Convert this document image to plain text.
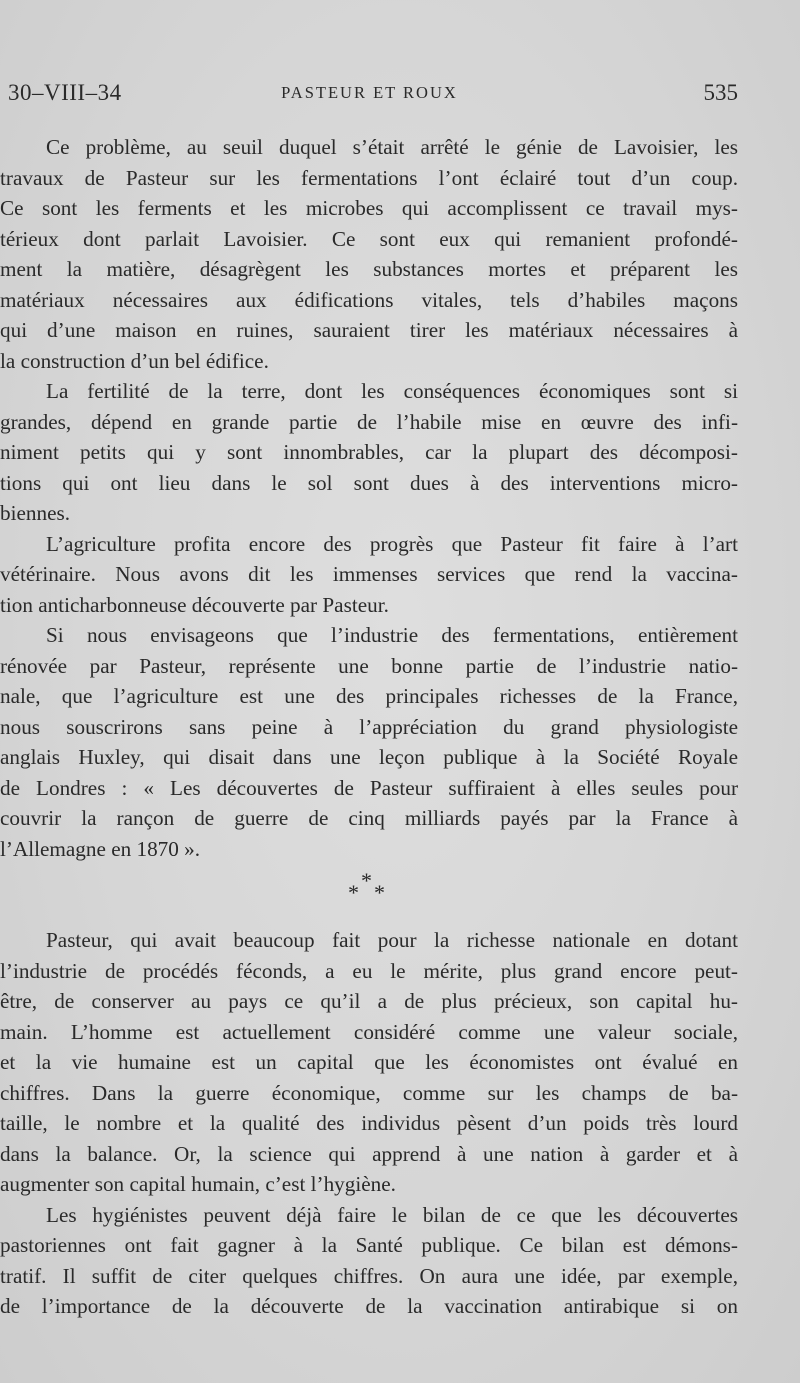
30–VIII–34	PASTEUR ET ROUX	535

Ce problème, au seuil duquel s’était arrêté le génie de Lavoisier, les
travaux de Pasteur sur les fermentations l’ont éclairé tout d’un coup.
Ce sont les ferments et les microbes qui accomplissent ce travail mys-
térieux dont parlait Lavoisier. Ce sont eux qui remanient profondé-
ment la matière, désagrègent les substances mortes et préparent les
matériaux nécessaires aux édifications vitales, tels d’habiles maçons
qui d’une maison en ruines, sauraient tirer les matériaux nécessaires à
la construction d’un bel édifice.

La fertilité de la terre, dont les conséquences économiques sont si
grandes, dépend en grande partie de l’habile mise en œuvre des infi-
niment petits qui y sont innombrables, car la plupart des décomposi-
tions qui ont lieu dans le sol sont dues à des interventions micro-
biennes.

L’agriculture profita encore des progrès que Pasteur fit faire à l’art
vétérinaire. Nous avons dit les immenses services que rend la vaccina-
tion anticharbonneuse découverte par Pasteur.

Si nous envisageons que l’industrie des fermentations, entièrement
rénovée par Pasteur, représente une bonne partie de l’industrie natio-
nale, que l’agriculture est une des principales richesses de la France,
nous souscrirons sans peine à l’appréciation du grand physiologiste
anglais Huxley, qui disait dans une leçon publique à la Société Royale
de Londres : « Les découvertes de Pasteur suffiraient à elles seules pour
couvrir la rançon de guerre de cinq milliards payés par la France à
l’Allemagne en 1870 ».

*
* *

Pasteur, qui avait beaucoup fait pour la richesse nationale en dotant
l’industrie de procédés féconds, a eu le mérite, plus grand encore peut-
être, de conserver au pays ce qu’il a de plus précieux, son capital hu-
main. L’homme est actuellement considéré comme une valeur sociale,
et la vie humaine est un capital que les économistes ont évalué en
chiffres. Dans la guerre économique, comme sur les champs de ba-
taille, le nombre et la qualité des individus pèsent d’un poids très lourd
dans la balance. Or, la science qui apprend à une nation à garder et à
augmenter son capital humain, c’est l’hygiène.

Les hygiénistes peuvent déjà faire le bilan de ce que les découvertes
pastoriennes ont fait gagner à la Santé publique. Ce bilan est démons-
tratif. Il suffit de citer quelques chiffres. On aura une idée, par exemple,
de l’importance de la découverte de la vaccination antirabique si on
